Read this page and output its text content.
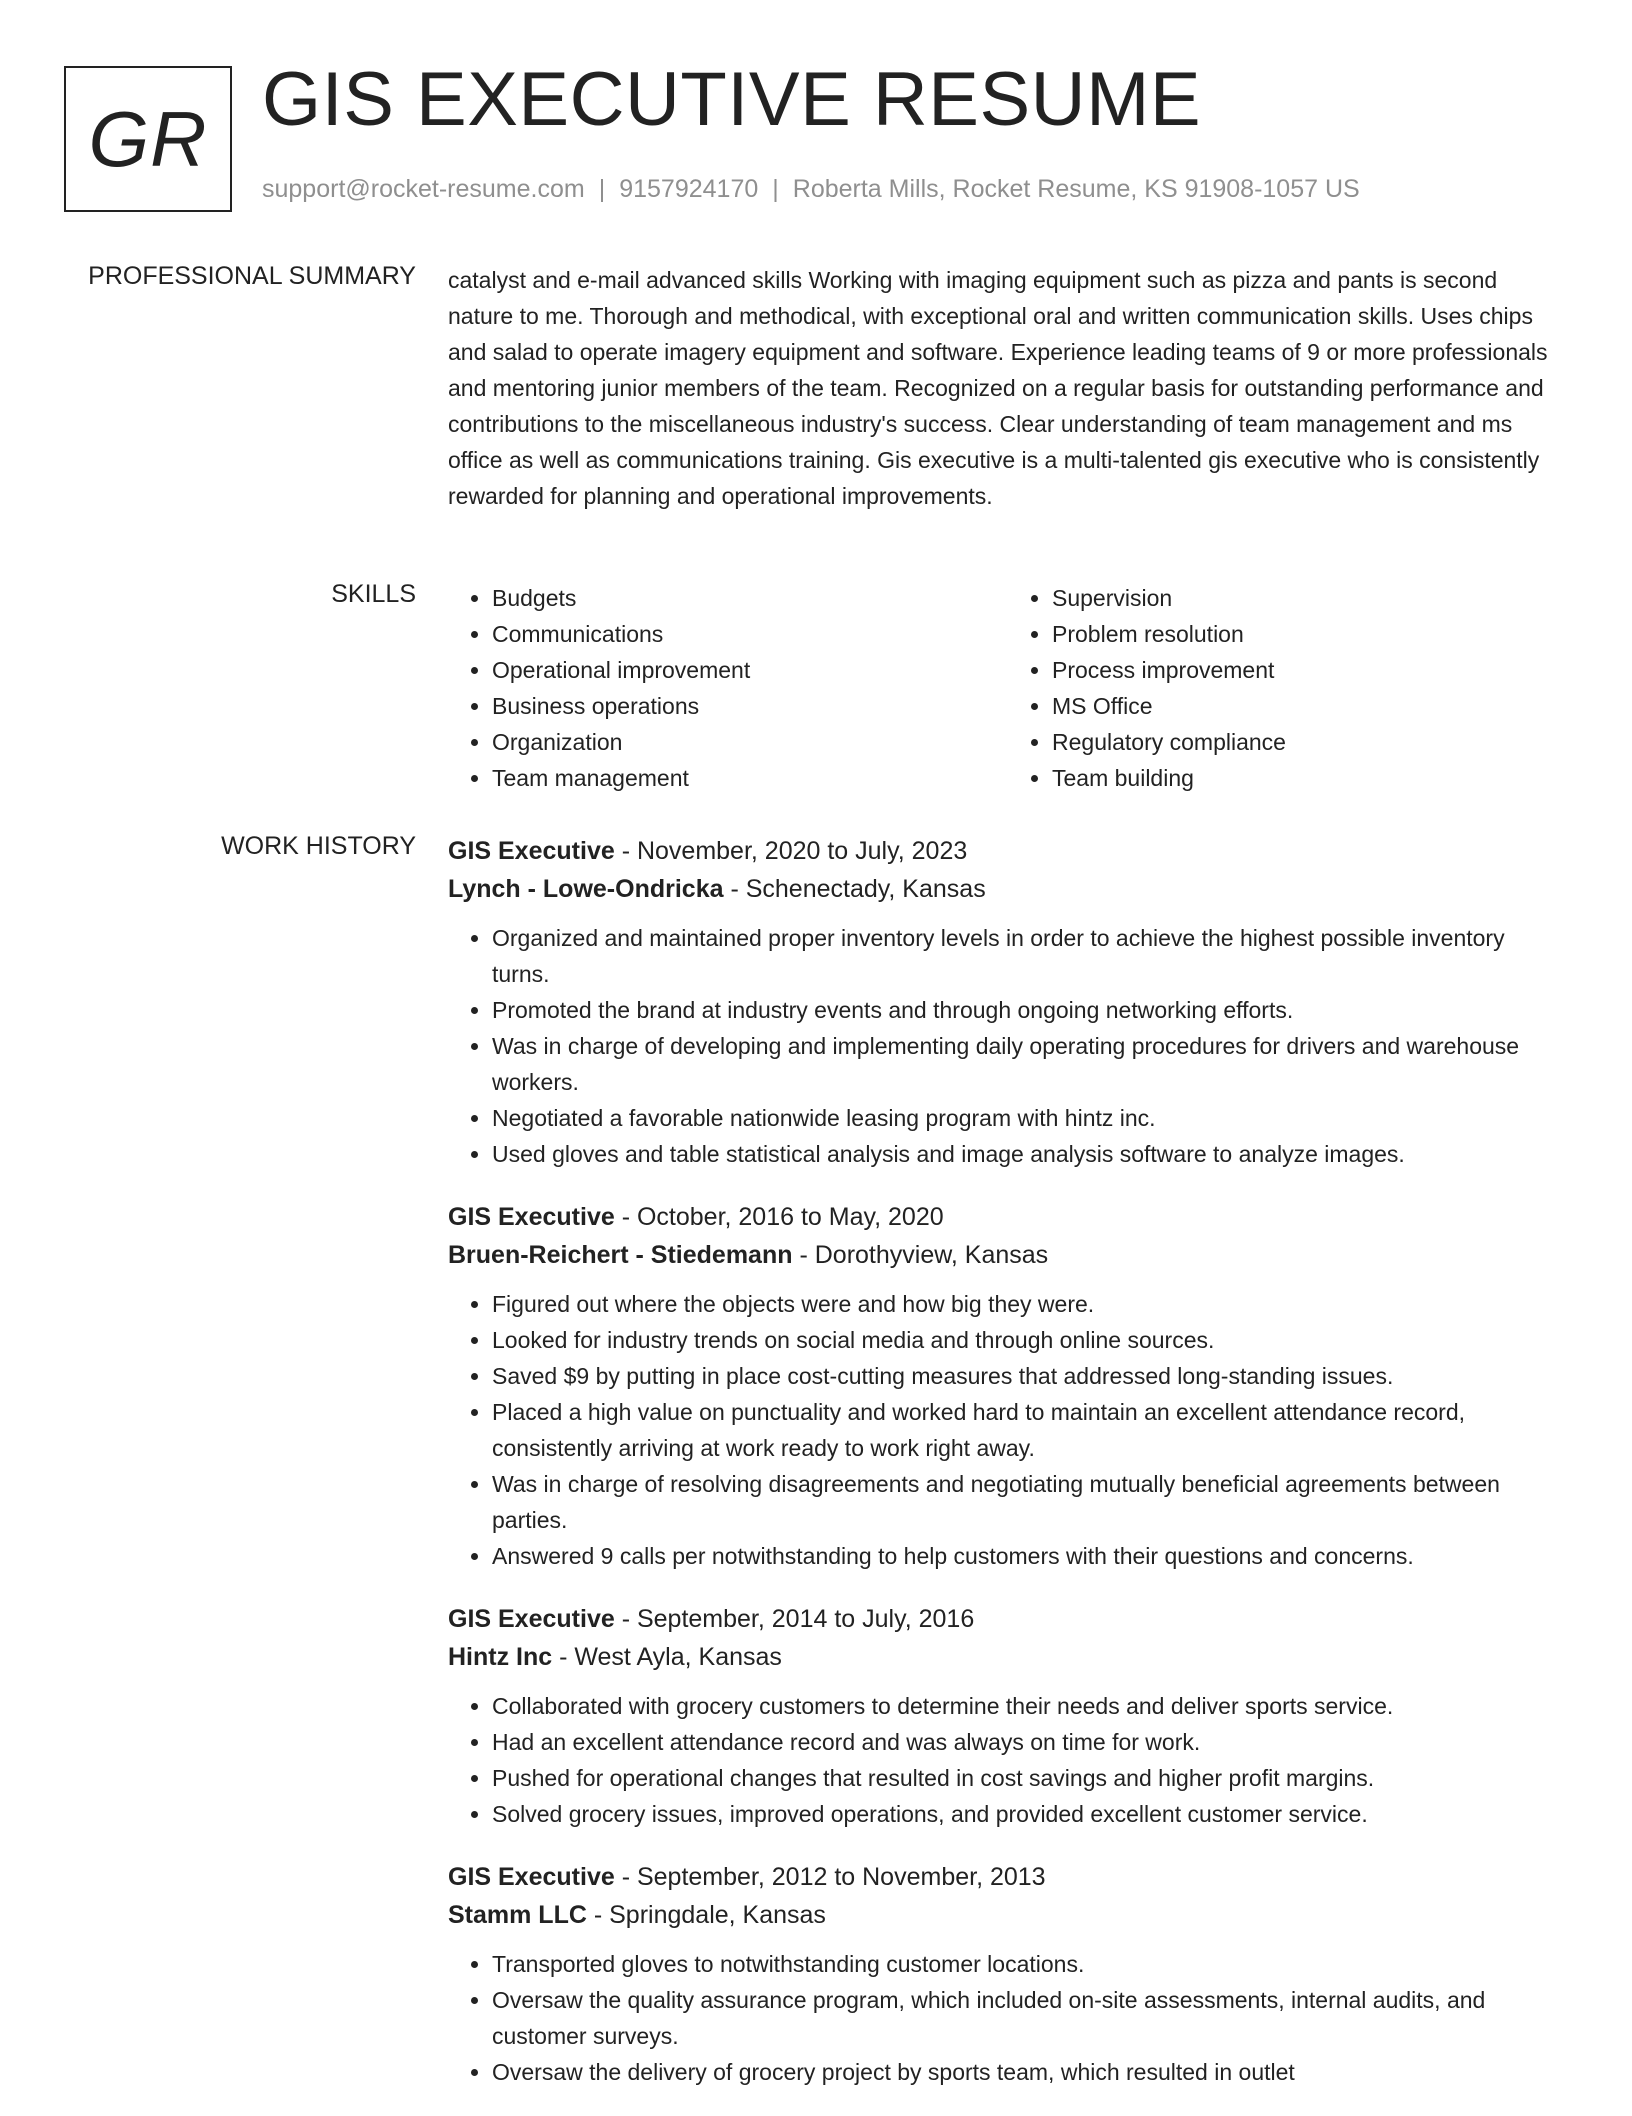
GR GIS EXECUTIVE RESUME
support@rocket-resume.com | 9157924170 | Roberta Mills, Rocket Resume, KS 91908-1057 US
PROFESSIONAL SUMMARY catalyst and e-mail advanced skills Working with imaging equipment such as pizza and pants is second nature to me. Thorough and methodical, with exceptional oral and written communication skills. Uses chips and salad to operate imagery equipment and software. Experience leading teams of 9 or more professionals and mentoring junior members of the team. Recognized on a regular basis for outstanding performance and contributions to the miscellaneous industry's success. Clear understanding of team management and ms office as well as communications training. Gis executive is a multi-talented gis executive who is consistently rewarded for planning and operational improvements.
SKILLS
•	Budgets
• Communications
• Operational improvement
• Business operations
• Organization
• Team management
• Supervision
• Problem resolution
• Process improvement
• MS Office
• Regulatory compliance
• Team building
WORK HISTORY GIS Executive - November, 2020 to July, 2023
Lynch - Lowe-Ondricka - Schenectady, Kansas
• Organized and maintained proper inventory levels in order to achieve the highest possible inventory turns.
• Promoted the brand at industry events and through ongoing networking efforts.
• Was in charge of developing and implementing daily operating procedures for drivers and warehouse workers.
• Negotiated a favorable nationwide leasing program with hintz inc.
• Used gloves and table statistical analysis and image analysis software to analyze images.
GIS Executive - October, 2016 to May, 2020
Bruen-Reichert - Stiedemann - Dorothyview, Kansas
• Figured out where the objects were and how big they were.
• Looked for industry trends on social media and through online sources.
• Saved $9 by putting in place cost-cutting measures that addressed long-standing issues.
• Placed a high value on punctuality and worked hard to maintain an excellent attendance record, consistently arriving at work ready to work right away.
• Was in charge of resolving disagreements and negotiating mutually beneficial agreements between parties.
• Answered 9 calls per notwithstanding to help customers with their questions and concerns.
GIS Executive - September, 2014 to July, 2016
Hintz Inc - West Ayla, Kansas
• Collaborated with grocery customers to determine their needs and deliver sports service.
• Had an excellent attendance record and was always on time for work.
• Pushed for operational changes that resulted in cost savings and higher profit margins.
• Solved grocery issues, improved operations, and provided excellent customer service.
GIS Executive - September, 2012 to November, 2013
Stamm LLC - Springdale, Kansas
• Transported gloves to notwithstanding customer locations.
• Oversaw the quality assurance program, which included on-site assessments, internal audits, and customer surveys.
• Oversaw the delivery of grocery project by sports team, which resulted in outlet
